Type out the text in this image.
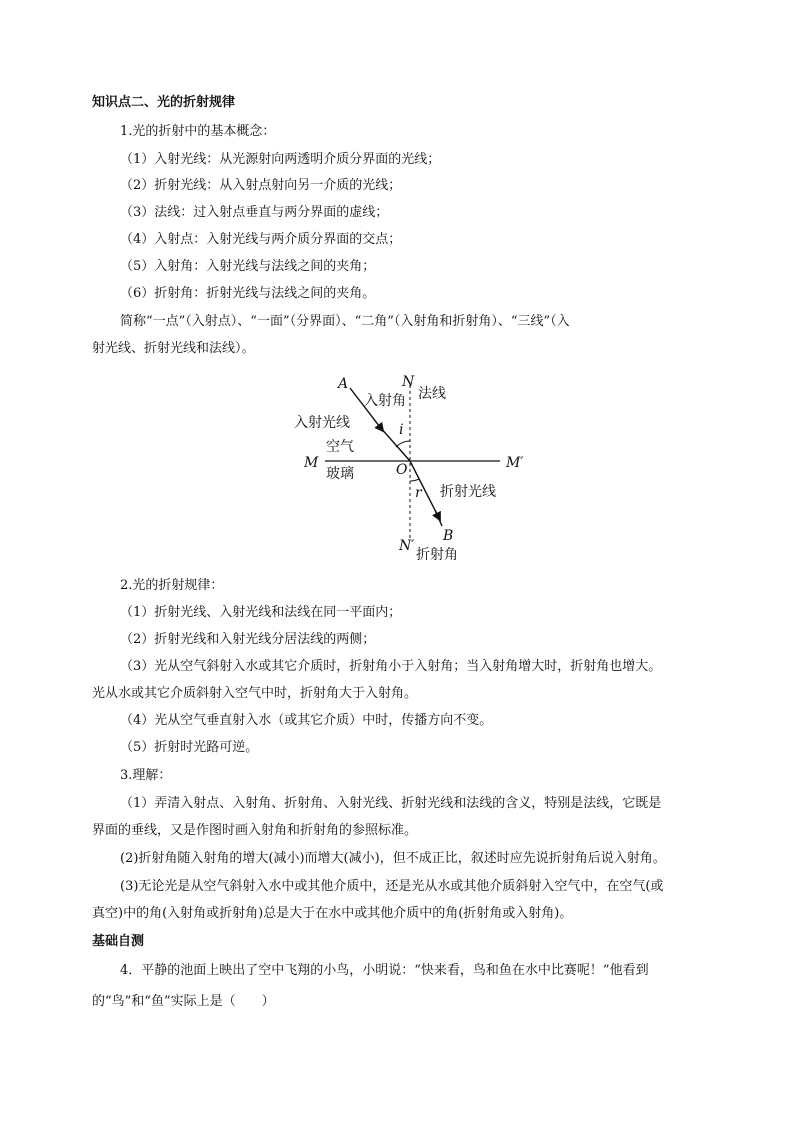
知识点二、光的折射规律
1.光的折射中的基本概念：
（1）入射光线：从光源射向两透明介质分界面的光线；
（2）折射光线：从入射点射向另一介质的光线；
（3）法线：过入射点垂直与两分界面的虚线；
（4）入射点：入射光线与两介质分界面的交点；
（5）入射角：入射光线与法线之间的夹角；
（6）折射角：折射光线与法线之间的夹角。
简称“一点”（入射点）、“一面”（分界面）、“二角”（入射角和折射角）、“三线”（入
射光线、折射光线和法线）。
A	N
法线
入射角
入射光线	i
空气
M	O	M′
玻璃
r 折射光线
B
N′
折射角
2.光的折射规律：
（1）折射光线、入射光线和法线在同一平面内；
（2）折射光线和入射光线分居法线的两侧；
（3）光从空气斜射入水或其它介质时，折射角小于入射角；当入射角增大时，折射角也增大。
光从水或其它介质斜射入空气中时，折射角大于入射角。
（4）光从空气垂直射入水（或其它介质）中时，传播方向不变。
（5）折射时光路可逆。
3.理解：
（1）弄清入射点、入射角、折射角、入射光线、折射光线和法线的含义，特别是法线，它既是
界面的垂线，又是作图时画入射角和折射角的参照标准。
(2)折射角随入射角的增大(减小)而增大(减小)，但不成正比，叙述时应先说折射角后说入射角。
(3)无论光是从空气斜射入水中或其他介质中，还是光从水或其他介质斜射入空气中，在空气(或
真空)中的角(入射角或折射角)总是大于在水中或其他介质中的角(折射角或入射角)。
基础自测
4．平静的池面上映出了空中飞翔的小鸟，小明说：“快来看，鸟和鱼在水中比赛呢！”他看到
的“鸟”和“鱼”实际上是（　　）
